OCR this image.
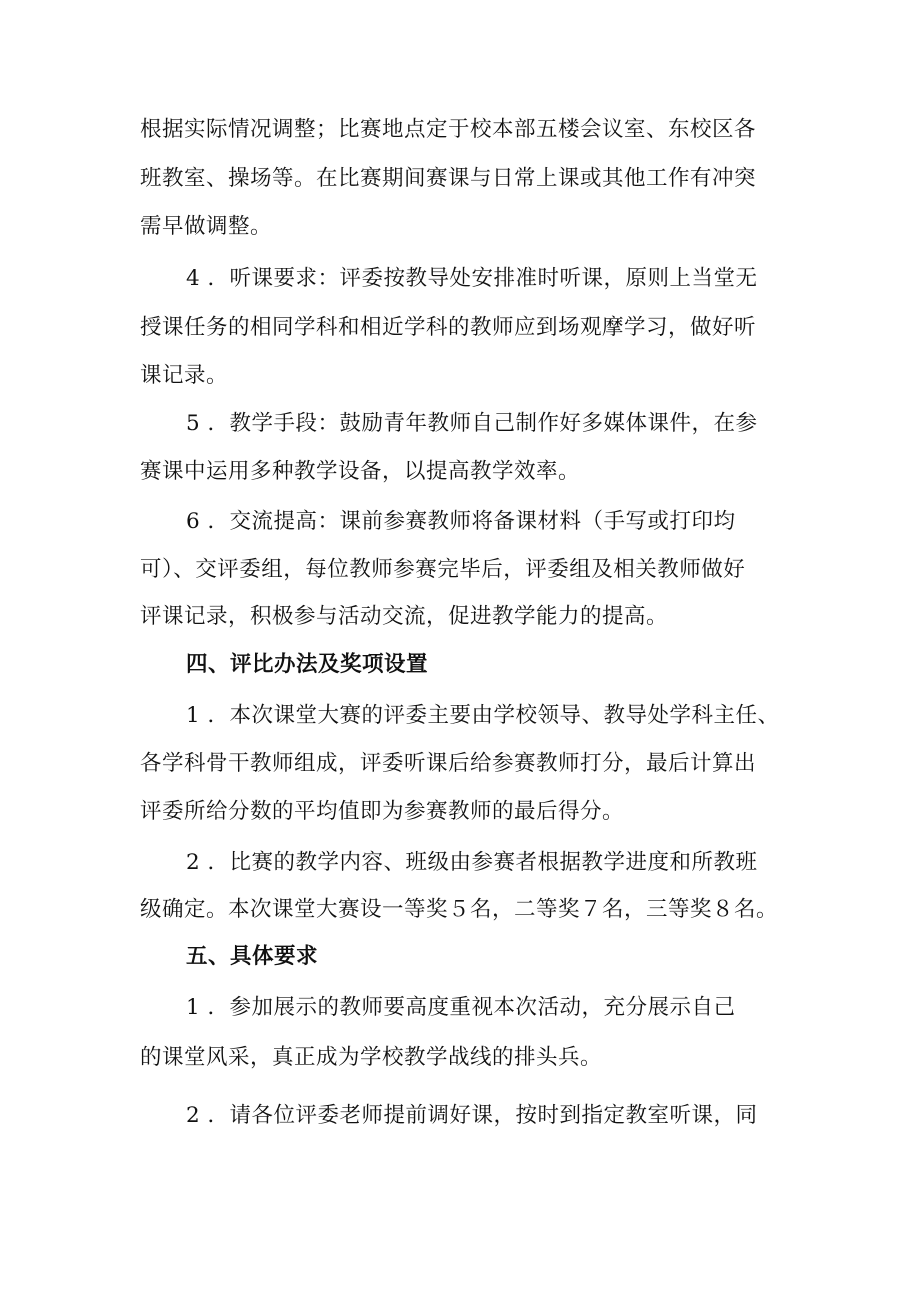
根据实际情况调整；比赛地点定于校本部五楼会议室、东校区各
班教室、操场等。在比赛期间赛课与日常上课或其他工作有冲突
需早做调整。
4 ．听课要求：评委按教导处安排准时听课，原则上当堂无
授课任务的相同学科和相近学科的教师应到场观摩学习，做好听
课记录。
5 ．教学手段：鼓励青年教师自己制作好多媒体课件，在参
赛课中运用多种教学设备，以提高教学效率。
6 ．交流提高：课前参赛教师将备课材料（手写或打印均
可）、交评委组，每位教师参赛完毕后，评委组及相关教师做好
评课记录，积极参与活动交流，促进教学能力的提高。
四、评比办法及奖项设置
1 ．本次课堂大赛的评委主要由学校领导、教导处学科主任、
各学科骨干教师组成，评委听课后给参赛教师打分，最后计算出
评委所给分数的平均值即为参赛教师的最后得分。
2 ．比赛的教学内容、班级由参赛者根据教学进度和所教班
级确定。本次课堂大赛设一等奖５名，二等奖７名，三等奖８名。
五、具体要求
1 ．参加展示的教师要高度重视本次活动，充分展示自己
的课堂风采，真正成为学校教学战线的排头兵。
2 ．请各位评委老师提前调好课，按时到指定教室听课，同
